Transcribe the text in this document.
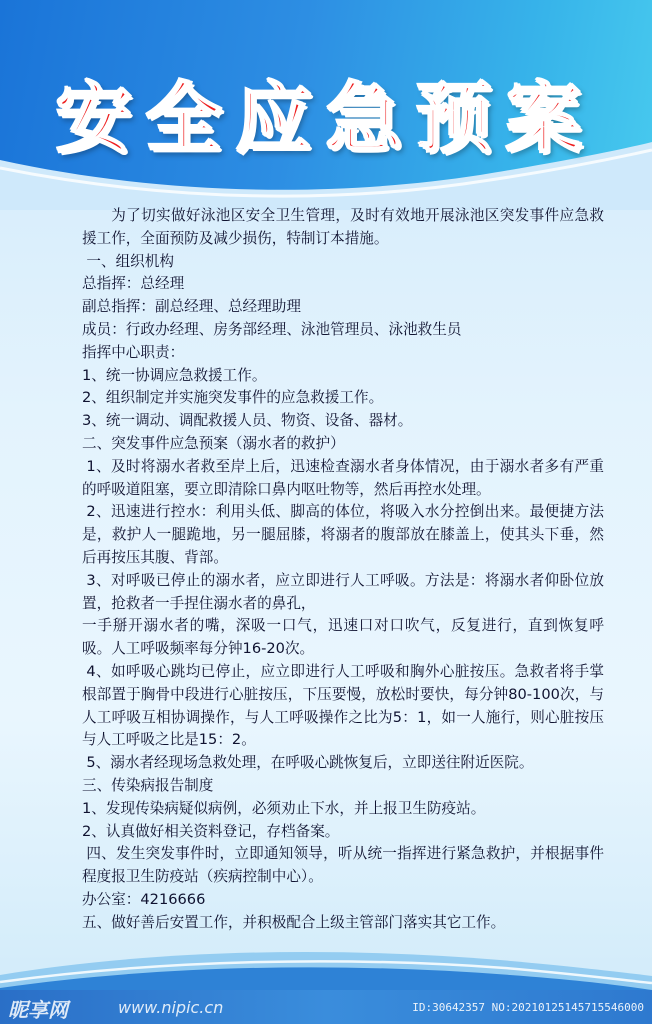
安全应急预案

为了切实做好泳池区安全卫生管理，及时有效地开展泳池区突发事件应急救援工作，全面预防及减少损伤，特制订本措施。

一、组织机构

总指挥：总经理

副总指挥：副总经理、总经理助理

成员：行政办经理、房务部经理、泳池管理员、泳池救生员

指挥中心职责：

1、统一协调应急救援工作。

2、组织制定并实施突发事件的应急救援工作。

3、统一调动、调配救援人员、物资、设备、器材。

二、突发事件应急预案（溺水者的救护）

1、及时将溺水者救至岸上后，迅速检查溺水者身体情况，由于溺水者多有严重的呼吸道阻塞，要立即清除口鼻内呕吐物等，然后再控水处理。

2、迅速进行控水：利用头低、脚高的体位，将吸入水分控倒出来。最便捷方法是，救护人一腿跪地，另一腿屈膝，将溺者的腹部放在膝盖上，使其头下垂，然后再按压其腹、背部。

3、对呼吸已停止的溺水者，应立即进行人工呼吸。方法是：将溺水者仰卧位放置，抢救者一手捏住溺水者的鼻孔，

一手掰开溺水者的嘴，深吸一口气，迅速口对口吹气，反复进行，直到恢复呼吸。人工呼吸频率每分钟16-20次。

4、如呼吸心跳均已停止，应立即进行人工呼吸和胸外心脏按压。急救者将手掌根部置于胸骨中段进行心脏按压，下压要慢，放松时要快，每分钟80-100次，与人工呼吸互相协调操作，与人工呼吸操作之比为5：1，如一人施行，则心脏按压与人工呼吸之比是15：2。

5、溺水者经现场急救处理，在呼吸心跳恢复后，立即送往附近医院。

三、传染病报告制度

1、发现传染病疑似病例，必须劝止下水，并上报卫生防疫站。

2、认真做好相关资料登记，存档备案。

四、发生突发事件时，立即通知领导，听从统一指挥进行紧急救护，并根据事件程度报卫生防疫站（疾病控制中心）。

办公室：4216666

五、做好善后安置工作，并积极配合上级主管部门落实其它工作。

昵享网	www.nipic.cn	ID:30642357 NO:20210125145715546000
